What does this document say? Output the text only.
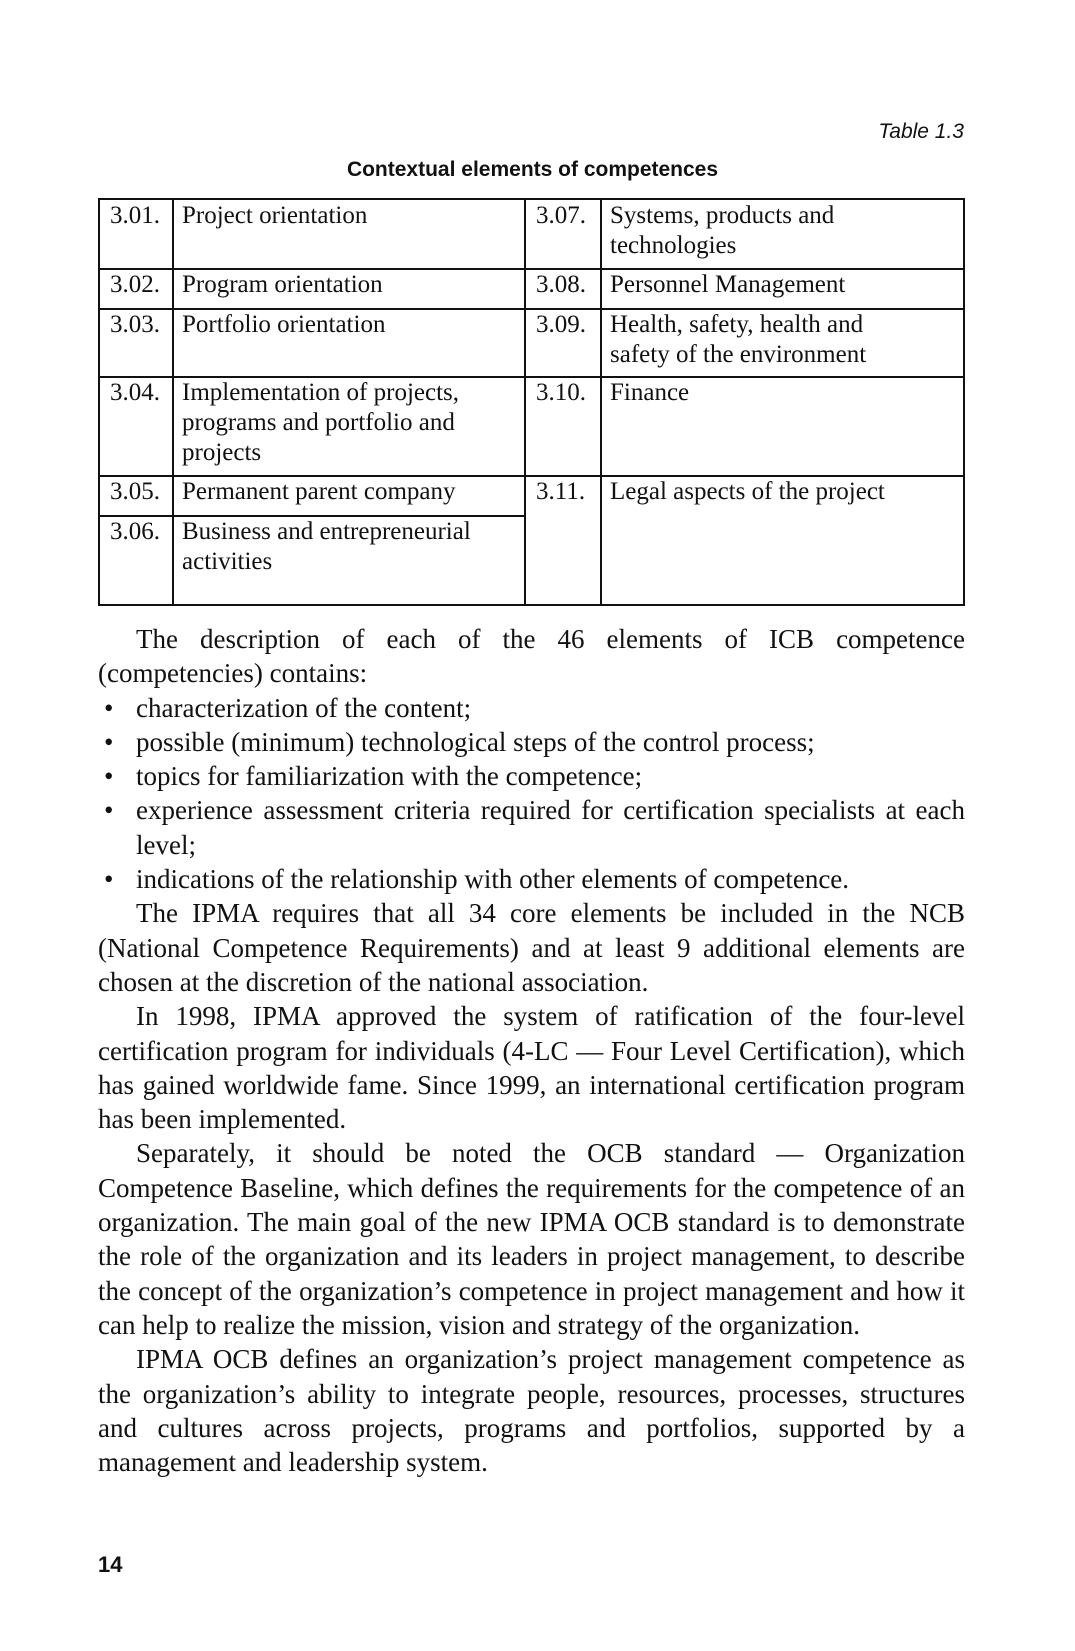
Table 1.3
Contextual elements of competences
3.01. Project orientation
3.02. Program orientation
3.03. Portfolio orientation
3.04. Implementation of projects, programs and portfolio and projects
3.05. Permanent parent company
3.06. Business and entrepreneurial activities
3.07. Systems, products and technologies
3.08. Personnel Management
3.09. Health, safety, health and safety of the environment
3.10. Finance
3.11. Legal aspects of the project

The description of each of the 46 elements of ICB competence (competencies) contains:

• characterization of the content;
• possible (minimum) technological steps of the control process;
• topics for familiarization with the competence;
• experience assessment criteria required for certification specialists at each level;
• indications of the relationship with other elements of competence.

The IPMA requires that all 34 core elements be included in the NCB (National Competence Requirements) and at least 9 additional elements are chosen at the discretion of the national association.

In 1998, IPMA approved the system of ratification of the four-level certification program for individuals (4-LC — Four Level Certification), which has gained worldwide fame. Since 1999, an international certification program has been implemented.

Separately, it should be noted the OCB standard — Organization Competence Baseline, which defines the requirements for the competence of an organization. The main goal of the new IPMA OCB standard is to demonstrate the role of the organization and its leaders in project management, to describe the concept of the organization’s competence in project management and how it can help to realize the mission, vision and strategy of the organization.

IPMA OCB defines an organization’s project management competence as the organization’s ability to integrate people, resources, processes, structures and cultures across projects, programs and portfolios, supported by a management and leadership system.

14
